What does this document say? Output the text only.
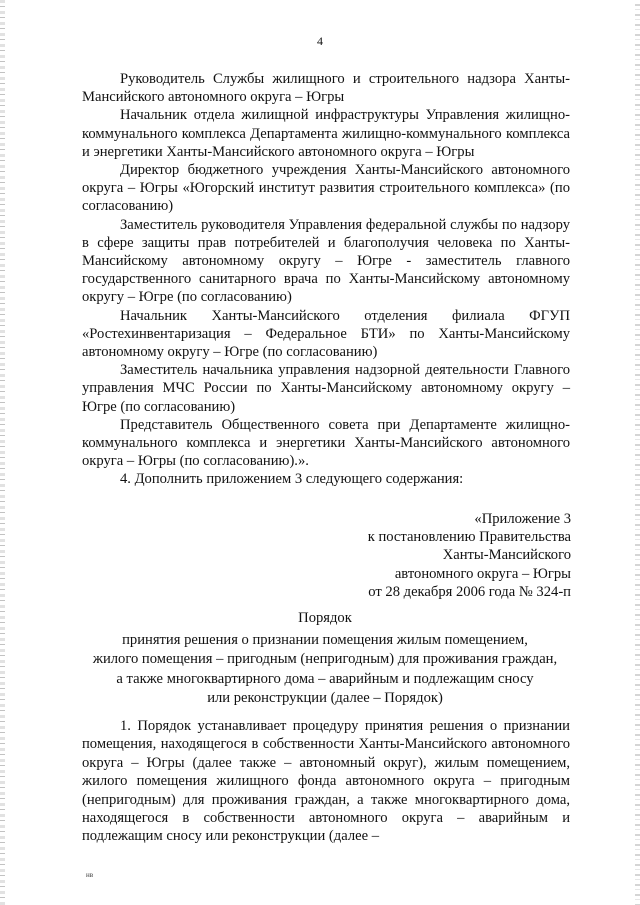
4

Руководитель Службы жилищного и строительного надзора Ханты-Мансийского автономного округа – Югры

Начальник отдела жилищной инфраструктуры Управления жилищно-коммунального комплекса Департамента жилищно-коммунального комплекса и энергетики Ханты-Мансийского автономного округа – Югры

Директор бюджетного учреждения Ханты-Мансийского автономного округа – Югры «Югорский институт развития строительного комплекса» (по согласованию)

Заместитель руководителя Управления федеральной службы по надзору в сфере защиты прав потребителей и благополучия человека по Ханты-Мансийскому автономному округу – Югре - заместитель главного государственного санитарного врача по Ханты-Мансийскому автономному округу – Югре (по согласованию)

Начальник Ханты-Мансийского отделения филиала ФГУП «Ростехинвентаризация – Федеральное БТИ» по Ханты-Мансийскому автономному округу – Югре (по согласованию)

Заместитель начальника управления надзорной деятельности Главного управления МЧС России по Ханты-Мансийскому автономному округу – Югре (по согласованию)

Представитель Общественного совета при Департаменте жилищно-коммунального комплекса и энергетики Ханты-Мансийского автономного округа – Югры (по согласованию).».

4. Дополнить приложением 3 следующего содержания:

«Приложение 3
к постановлению Правительства
Ханты-Мансийского
автономного округа – Югры
от 28 декабря 2006 года № 324-п
Порядок
принятия решения о признании помещения жилым помещением,
жилого помещения – пригодным (непригодным) для проживания граждан,
а также многоквартирного дома – аварийным и подлежащим сносу
или реконструкции (далее – Порядок)

1. Порядок устанавливает процедуру принятия решения о признании помещения, находящегося в собственности Ханты-Мансийского автономного округа – Югры (далее также – автономный округ), жилым помещением, жилого помещения жилищного фонда автономного округа – пригодным (непригодным) для проживания граждан, а также многоквартирного дома, находящегося в собственности автономного округа – аварийным и подлежащим сносу или реконструкции (далее –

нв
